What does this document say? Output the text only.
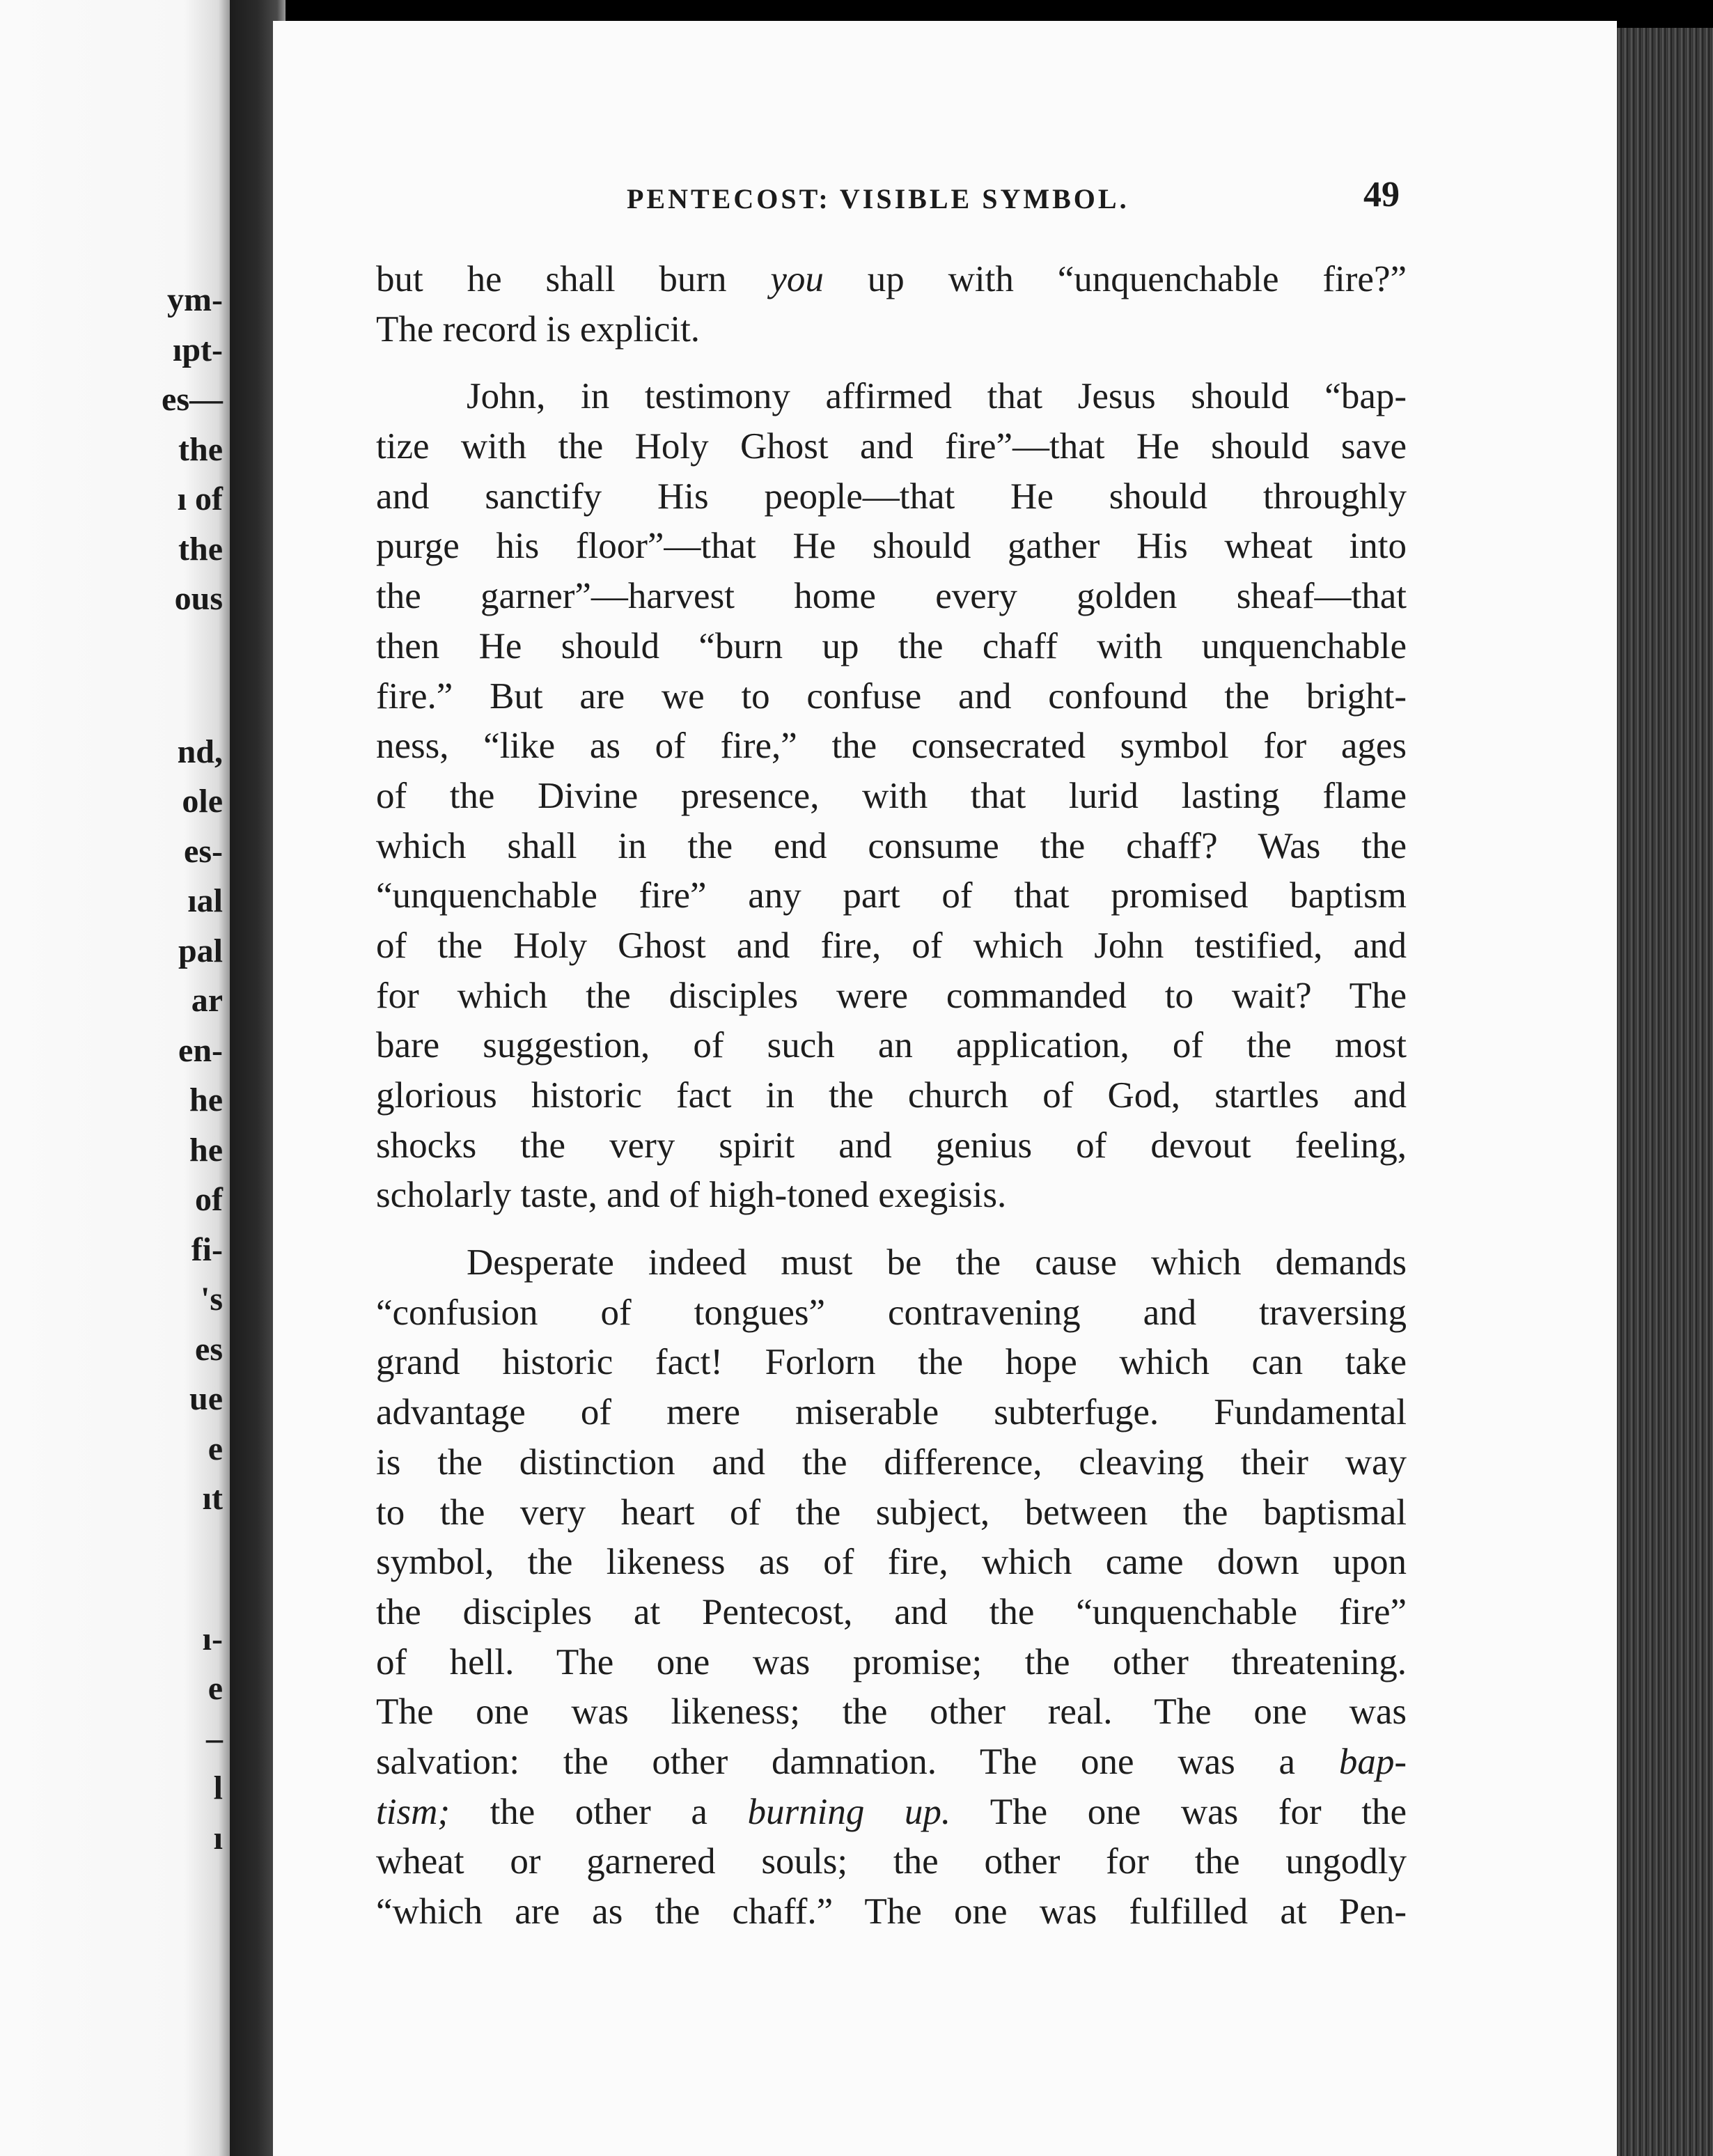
ym-
ıpt-
es—
the
ı of
the
ous
nd,
ole
es-
ıal
pal
ar
en-
he
he
of
fi-
's
es
ue
e
ıt
ı-
e
–
l
ı
PENTECOST: VISIBLE SYMBOL.	49
but he shall burn you up with “unquenchable fire?”
The record is explicit.
John, in testimony affirmed that Jesus should “bap-
tize with the Holy Ghost and fire”—that He should save
and sanctify His people—that He should throughly
purge his floor”—that He should gather His wheat into
the garner”—harvest home every golden sheaf—that
then He should “burn up the chaff with unquenchable
fire.” But are we to confuse and confound the bright-
ness, “like as of fire,” the consecrated symbol for ages
of the Divine presence, with that lurid lasting flame
which shall in the end consume the chaff? Was the
“unquenchable fire” any part of that promised baptism
of the Holy Ghost and fire, of which John testified, and
for which the disciples were commanded to wait? The
bare suggestion, of such an application, of the most
glorious historic fact in the church of God, startles and
shocks the very spirit and genius of devout feeling,
scholarly taste, and of high-toned exegisis.
Desperate indeed must be the cause which demands
“confusion of tongues” contravening and traversing
grand historic fact! Forlorn the hope which can take
advantage of mere miserable subterfuge. Fundamental
is the distinction and the difference, cleaving their way
to the very heart of the subject, between the baptismal
symbol, the likeness as of fire, which came down upon
the disciples at Pentecost, and the “unquenchable fire”
of hell. The one was promise; the other threatening.
The one was likeness; the other real. The one was
salvation: the other damnation. The one was a bap-
tism; the other a burning up. The one was for the
wheat or garnered souls; the other for the ungodly
“which are as the chaff.” The one was fulfilled at Pen-
